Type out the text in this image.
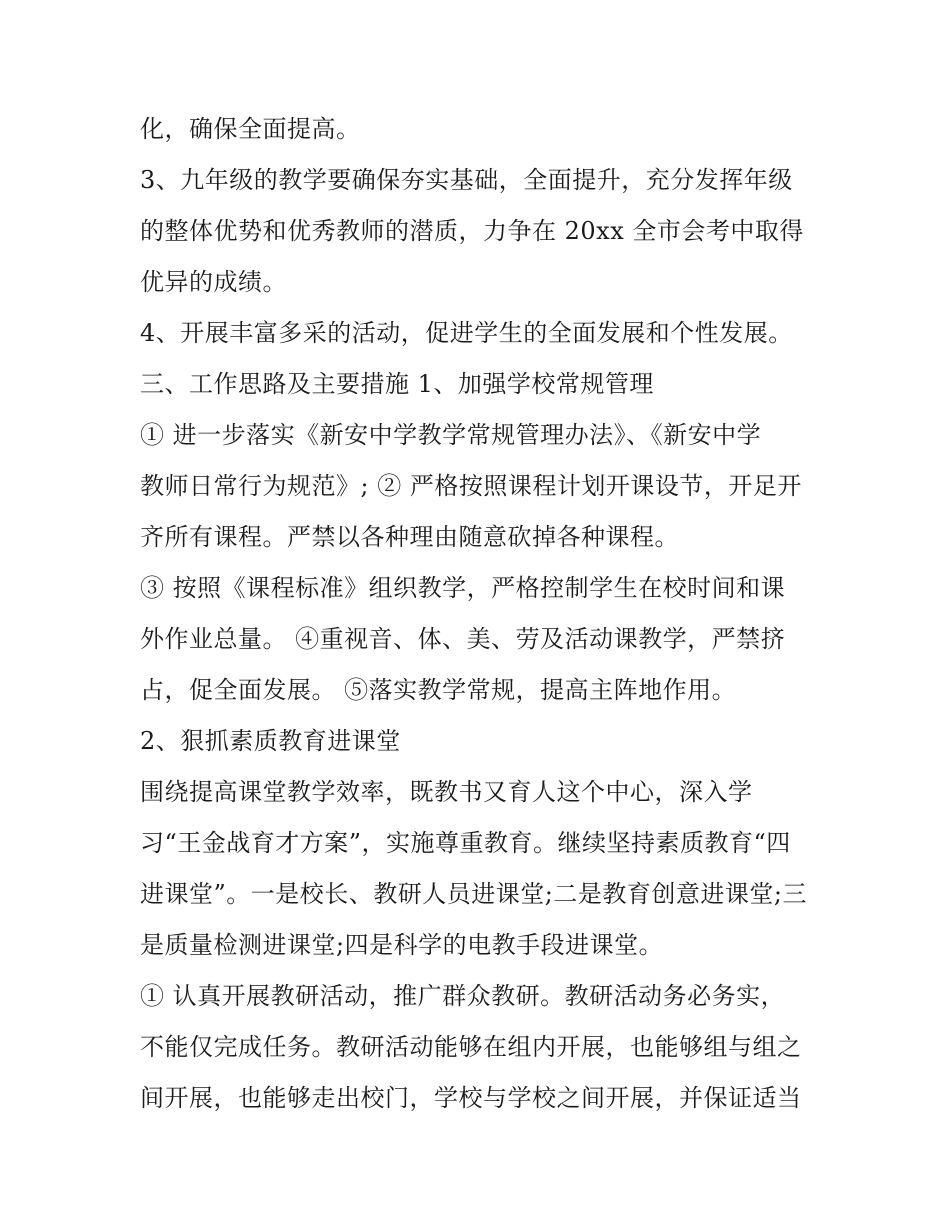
化，确保全面提高。
3、九年级的教学要确保夯实基础，全面提升，充分发挥年级
的整体优势和优秀教师的潜质，力争在 20xx 全市会考中取得
优异的成绩。
4、开展丰富多采的活动，促进学生的全面发展和个性发展。
三、工作思路及主要措施 1、加强学校常规管理
① 进一步落实《新安中学教学常规管理办法》、《新安中学
教师日常行为规范》; ② 严格按照课程计划开课设节，开足开
齐所有课程。严禁以各种理由随意砍掉各种课程。
③ 按照《课程标准》组织教学，严格控制学生在校时间和课
外作业总量。 ④重视音、体、美、劳及活动课教学，严禁挤
占，促全面发展。 ⑤落实教学常规，提高主阵地作用。
2、狠抓素质教育进课堂
围绕提高课堂教学效率，既教书又育人这个中心，深入学
习“王金战育才方案”，实施尊重教育。继续坚持素质教育“四
进课堂”。一是校长、教研人员进课堂;二是教育创意进课堂;三
是质量检测进课堂;四是科学的电教手段进课堂。
① 认真开展教研活动，推广群众教研。教研活动务必务实，
不能仅完成任务。教研活动能够在组内开展，也能够组与组之
间开展，也能够走出校门，学校与学校之间开展，并保证适当
